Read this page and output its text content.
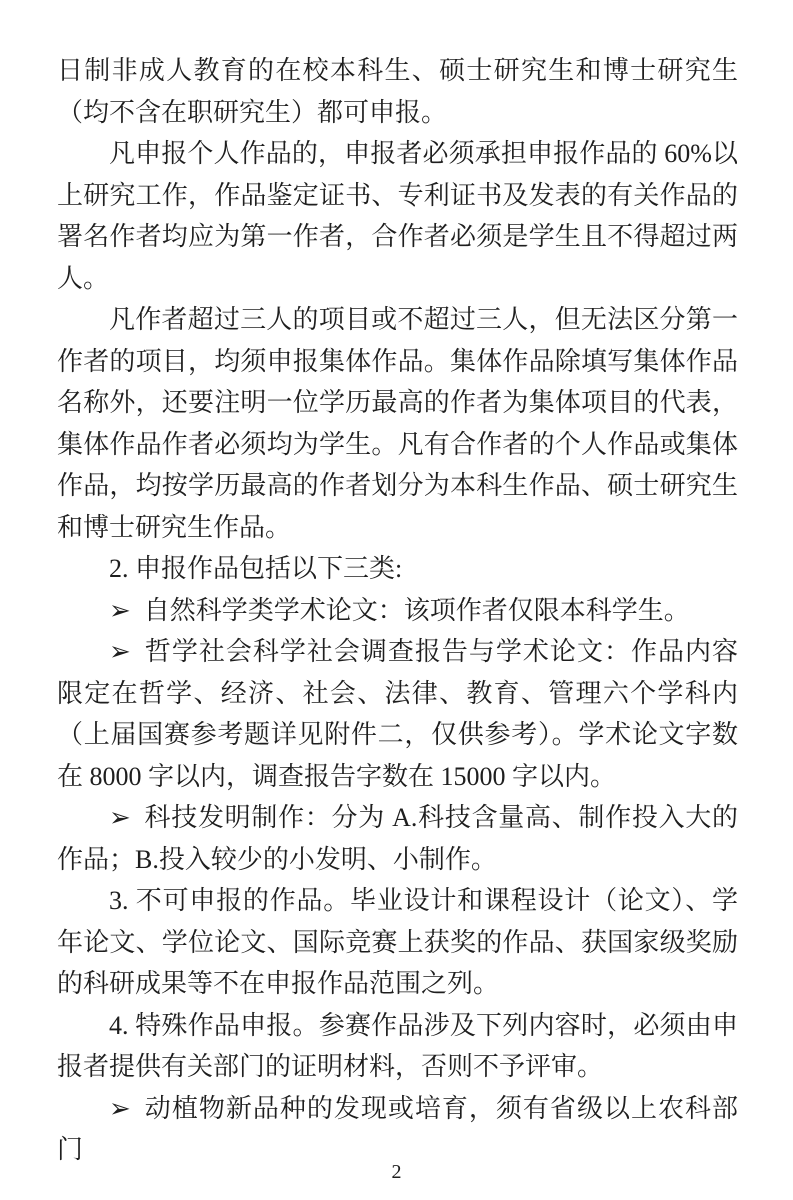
日制非成人教育的在校本科生、硕士研究生和博士研究生（均不含在职研究生）都可申报。

凡申报个人作品的，申报者必须承担申报作品的 60%以上研究工作，作品鉴定证书、专利证书及发表的有关作品的署名作者均应为第一作者，合作者必须是学生且不得超过两人。

凡作者超过三人的项目或不超过三人，但无法区分第一作者的项目，均须申报集体作品。集体作品除填写集体作品名称外，还要注明一位学历最高的作者为集体项目的代表，集体作品作者必须均为学生。凡有合作者的个人作品或集体作品，均按学历最高的作者划分为本科生作品、硕士研究生和博士研究生作品。

2. 申报作品包括以下三类:

➢ 自然科学类学术论文：该项作者仅限本科学生。

➢ 哲学社会科学社会调查报告与学术论文：作品内容限定在哲学、经济、社会、法律、教育、管理六个学科内（上届国赛参考题详见附件二，仅供参考）。学术论文字数在 8000 字以内，调查报告字数在 15000 字以内。

➢ 科技发明制作：分为 A.科技含量高、制作投入大的作品；B.投入较少的小发明、小制作。

3. 不可申报的作品。毕业设计和课程设计（论文）、学年论文、学位论文、国际竞赛上获奖的作品、获国家级奖励的科研成果等不在申报作品范围之列。

4. 特殊作品申报。参赛作品涉及下列内容时，必须由申报者提供有关部门的证明材料，否则不予评审。

➢ 动植物新品种的发现或培育，须有省级以上农科部门

2
